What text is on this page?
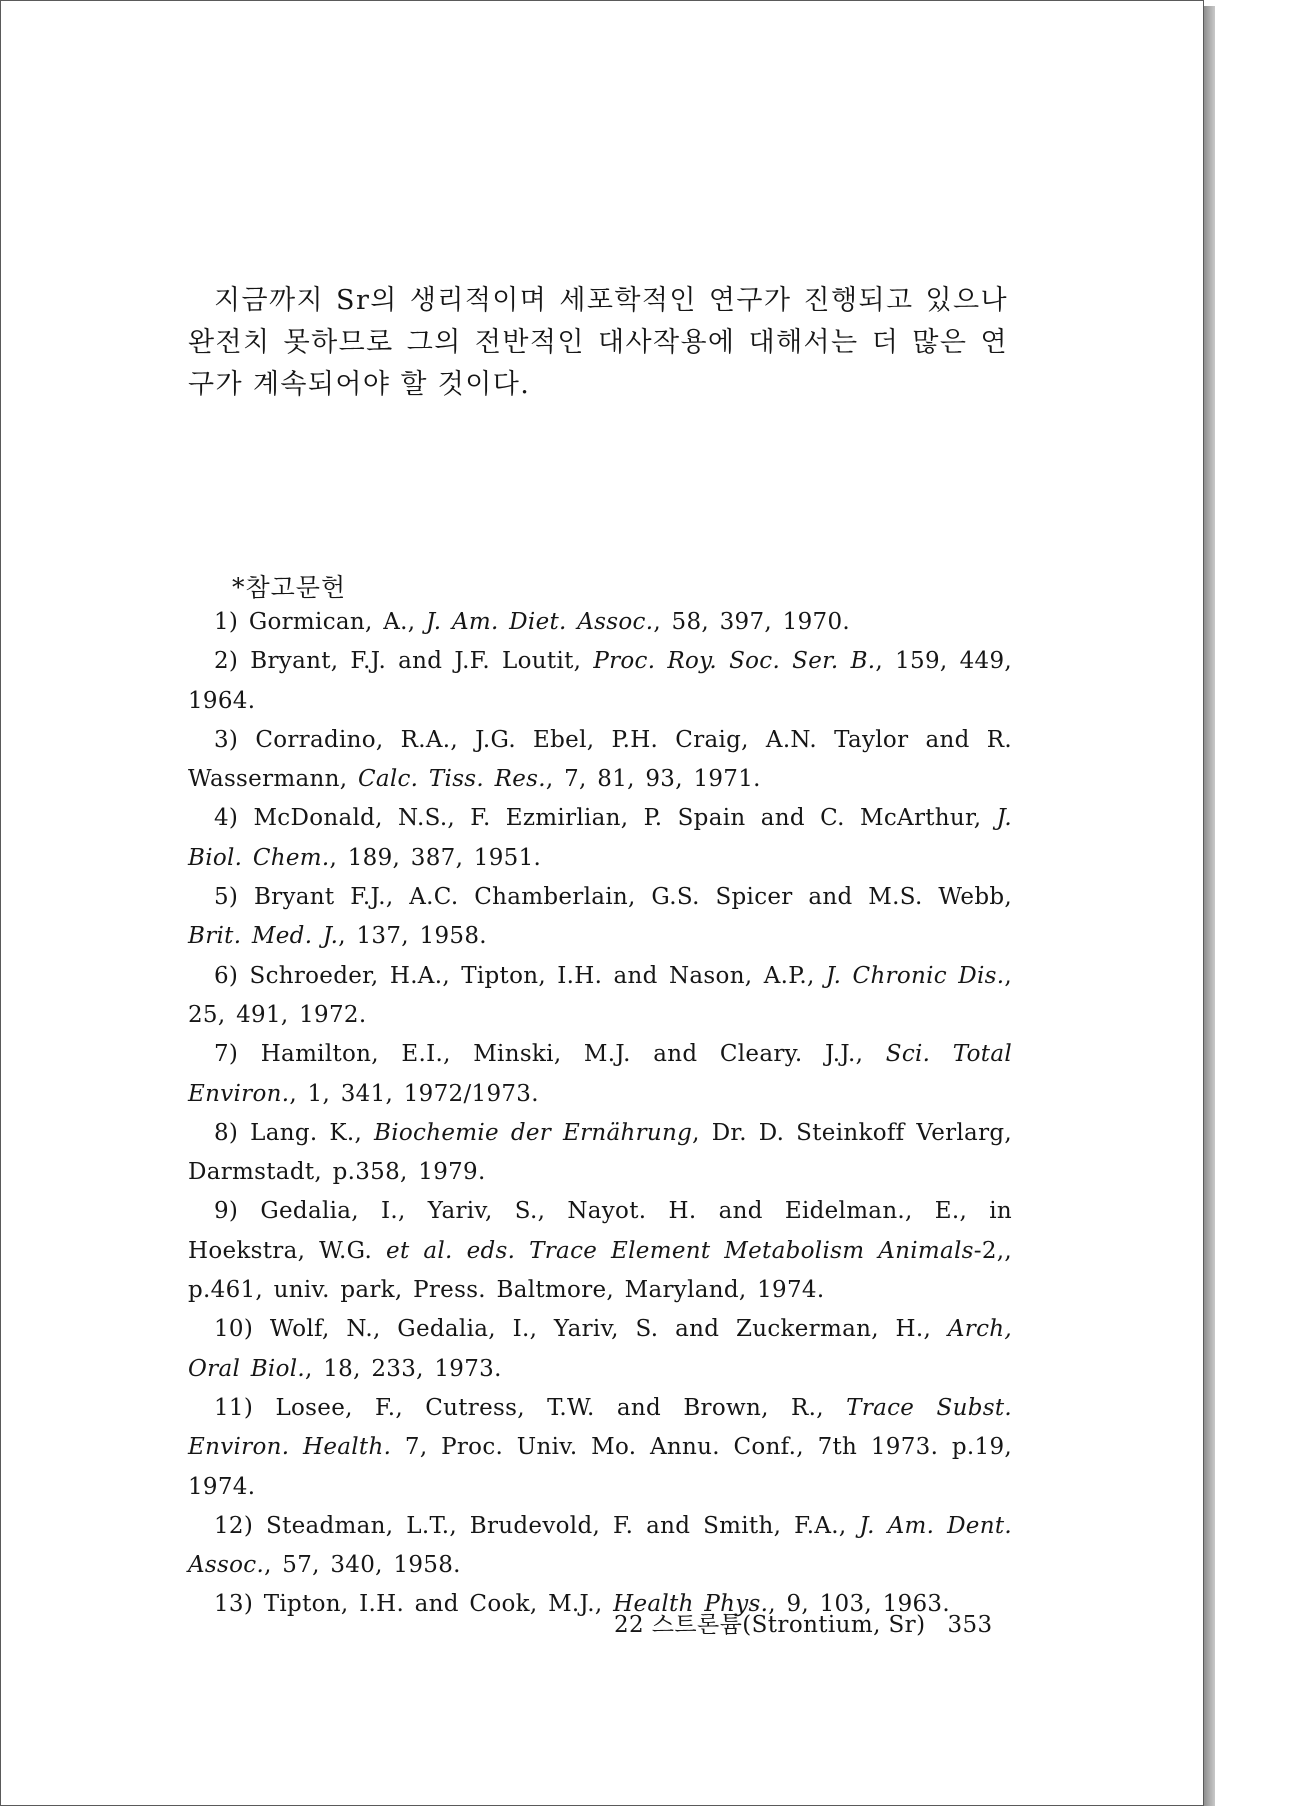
지금까지 Sr의 생리적이며 세포학적인 연구가 진행되고 있으나 완전치 못하므로 그의 전반적인 대사작용에 대해서는 더 많은 연구가 계속되어야 할 것이다.

*참고문헌
1) Gormican, A., J. Am. Diet. Assoc., 58, 397, 1970.
2) Bryant, F.J. and J.F. Loutit, Proc. Roy. Soc. Ser. B., 159, 449, 1964.
3) Corradino, R.A., J.G. Ebel, P.H. Craig, A.N. Taylor and R. Wassermann, Calc. Tiss. Res., 7, 81, 93, 1971.
4) McDonald, N.S., F. Ezmirlian, P. Spain and C. McArthur, J. Biol. Chem., 189, 387, 1951.
5) Bryant F.J., A.C. Chamberlain, G.S. Spicer and M.S. Webb, Brit. Med. J., 137, 1958.
6) Schroeder, H.A., Tipton, I.H. and Nason, A.P., J. Chronic Dis., 25, 491, 1972.
7) Hamilton, E.I., Minski, M.J. and Cleary. J.J., Sci. Total Environ., 1, 341, 1972/1973.
8) Lang. K., Biochemie der Ernährung, Dr. D. Steinkoff Verlarg, Darmstadt, p.358, 1979.
9) Gedalia, I., Yariv, S., Nayot. H. and Eidelman., E., in Hoekstra, W.G. et al. eds. Trace Element Metabolism Animals-2,, p.461, univ. park, Press. Baltmore, Maryland, 1974.
10) Wolf, N., Gedalia, I., Yariv, S. and Zuckerman, H., Arch, Oral Biol., 18, 233, 1973.
11) Losee, F., Cutress, T.W. and Brown, R., Trace Subst. Environ. Health. 7, Proc. Univ. Mo. Annu. Conf., 7th 1973. p.19, 1974.
12) Steadman, L.T., Brudevold, F. and Smith, F.A., J. Am. Dent. Assoc., 57, 340, 1958.
13) Tipton, I.H. and Cook, M.J., Health Phys., 9, 103, 1963.
22 스트론튬(Strontium, Sr) 353
